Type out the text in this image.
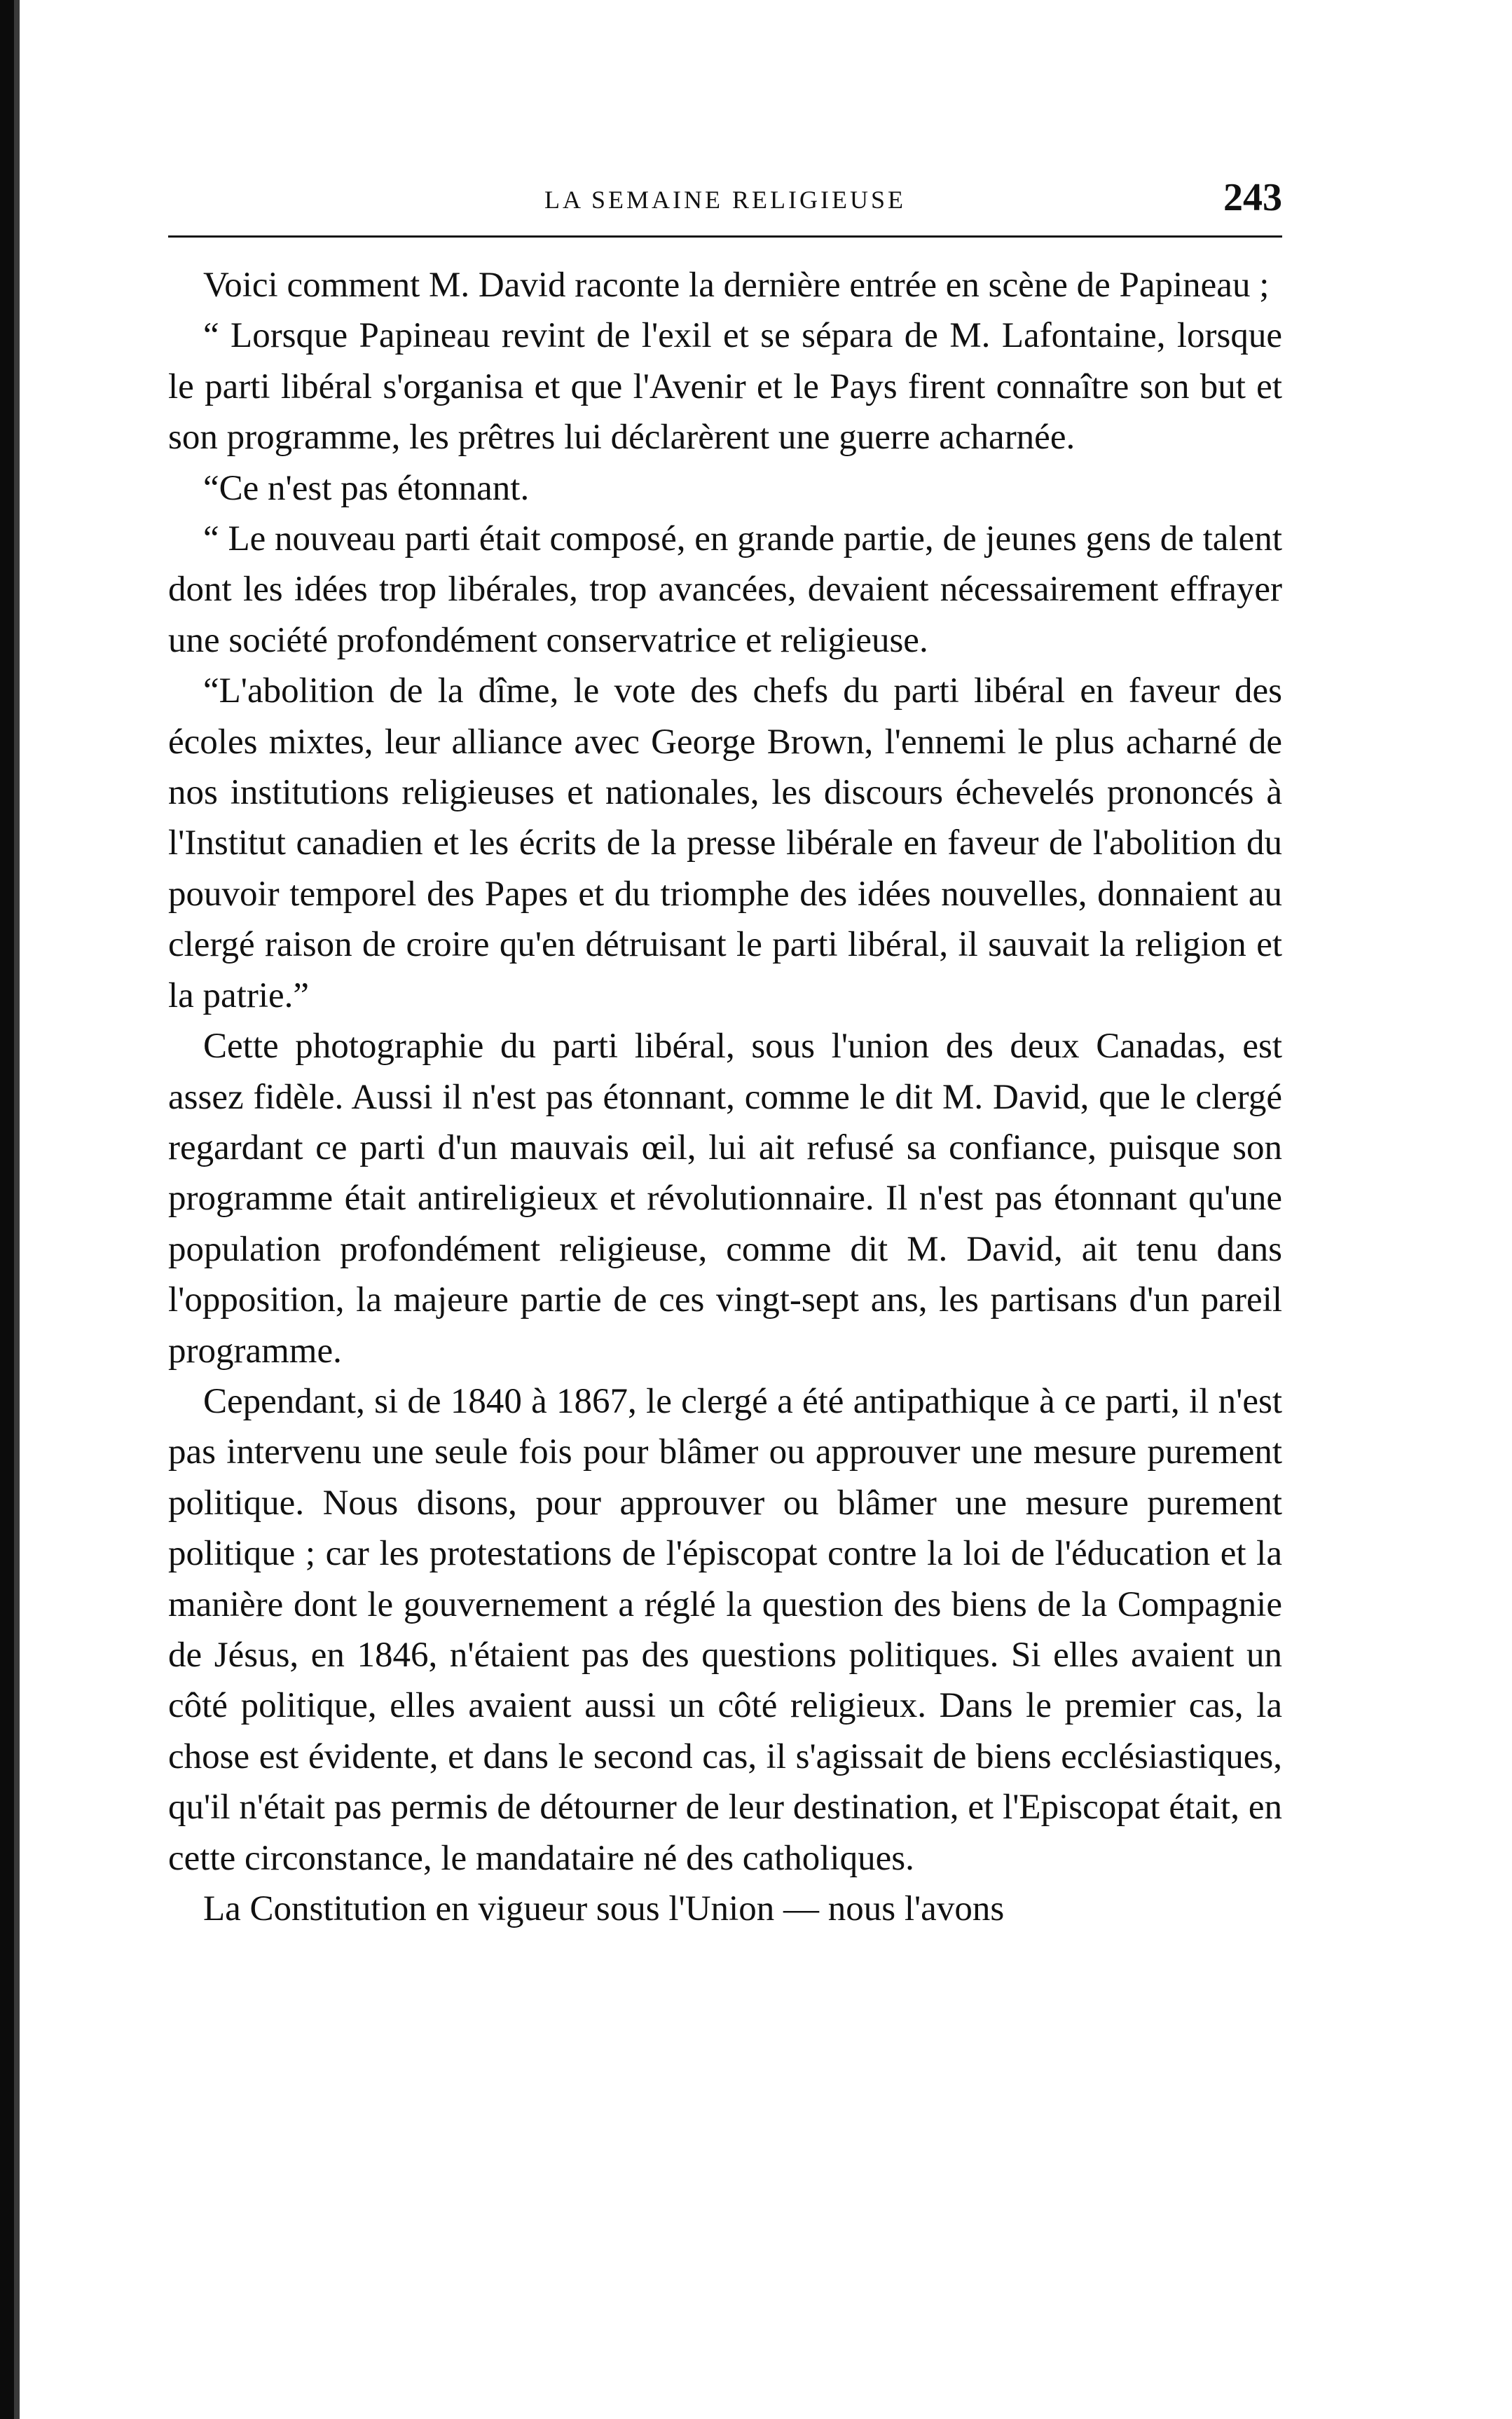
LA SEMAINE RELIGIEUSE	243

Voici comment M. David raconte la dernière entrée en scène de Papineau ;

“ Lorsque Papineau revint de l'exil et se sépara de M. Lafontaine, lorsque le parti libéral s'organisa et que l'Avenir et le Pays firent connaître son but et son programme, les prêtres lui déclarèrent une guerre acharnée.

“Ce n'est pas étonnant.

“ Le nouveau parti était composé, en grande partie, de jeunes gens de talent dont les idées trop libérales, trop avancées, devaient nécessairement effrayer une société profondément conservatrice et religieuse.

“L'abolition de la dîme, le vote des chefs du parti libéral en faveur des écoles mixtes, leur alliance avec George Brown, l'ennemi le plus acharné de nos institutions religieuses et nationales, les discours échevelés prononcés à l'Institut canadien et les écrits de la presse libérale en faveur de l'abolition du pouvoir temporel des Papes et du triomphe des idées nouvelles, donnaient au clergé raison de croire qu'en détruisant le parti libéral, il sauvait la religion et la patrie.”

Cette photographie du parti libéral, sous l'union des deux Canadas, est assez fidèle. Aussi il n'est pas étonnant, comme le dit M. David, que le clergé regardant ce parti d'un mauvais œil, lui ait refusé sa confiance, puisque son programme était antireligieux et révolutionnaire. Il n'est pas étonnant qu'une population profondément religieuse, comme dit M. David, ait tenu dans l'opposition, la majeure partie de ces vingt-sept ans, les partisans d'un pareil programme.

Cependant, si de 1840 à 1867, le clergé a été antipathique à ce parti, il n'est pas intervenu une seule fois pour blâmer ou approuver une mesure purement politique. Nous disons, pour approuver ou blâmer une mesure purement politique ; car les protestations de l'épiscopat contre la loi de l'éducation et la manière dont le gouvernement a réglé la question des biens de la Compagnie de Jésus, en 1846, n'étaient pas des questions politiques. Si elles avaient un côté politique, elles avaient aussi un côté religieux. Dans le premier cas, la chose est évidente, et dans le second cas, il s'agissait de biens ecclésiastiques, qu'il n'était pas permis de détourner de leur destination, et l'Episcopat était, en cette circonstance, le mandataire né des catholiques.

La Constitution en vigueur sous l'Union — nous l'avons
